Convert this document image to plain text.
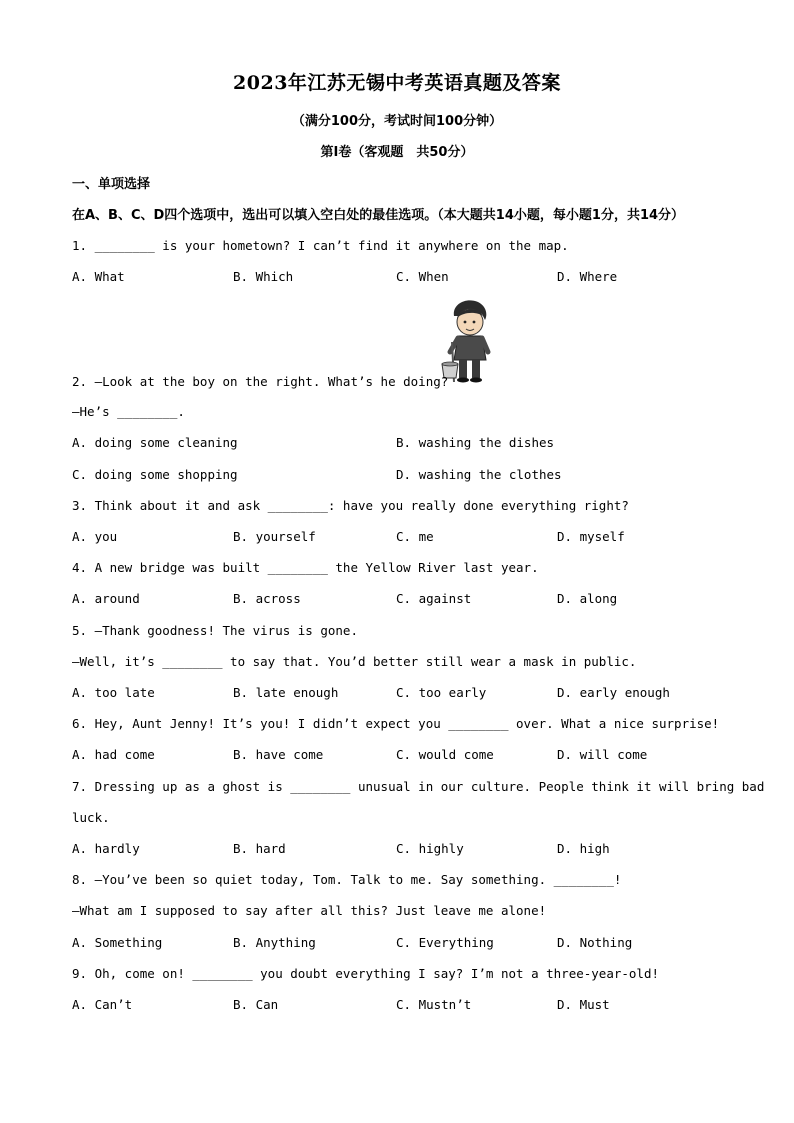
2023年江苏无锡中考英语真题及答案
（满分100分，考试时间100分钟）
第Ⅰ卷（客观题　共50分）
一、单项选择
在A、B、C、D四个选项中，选出可以填入空白处的最佳选项。（本大题共14小题，每小题1分，共14分）
1. ________ is your hometown? I can’t find it anywhere on the map.
A. What	B. Which	C. When	D. Where
2. —Look at the boy on the right. What’s he doing?
—He’s ________.
A. doing some cleaning	B. washing the dishes
C. doing some shopping	D. washing the clothes
3. Think about it and ask ________: have you really done everything right?
A. you	B. yourself	C. me	D. myself
4. A new bridge was built ________ the Yellow River last year.
A. around	B. across	C. against	D. along
5. —Thank goodness! The virus is gone.
—Well, it’s ________ to say that. You’d better still wear a mask in public.
A. too late	B. late enough	C. too early	D. early enough
6. Hey, Aunt Jenny! It’s you! I didn’t expect you ________ over. What a nice surprise!
A. had come	B. have come	C. would come	D. will come
7. Dressing up as a ghost is ________ unusual in our culture. People think it will bring bad
luck.
A. hardly	B. hard	C. highly	D. high
8. —You’ve been so quiet today, Tom. Talk to me. Say something. ________!
—What am I supposed to say after all this? Just leave me alone!
A. Something	B. Anything	C. Everything	D. Nothing
9. Oh, come on! ________ you doubt everything I say? I’m not a three-year-old!
A. Can’t	B. Can	C. Mustn’t	D. Must
